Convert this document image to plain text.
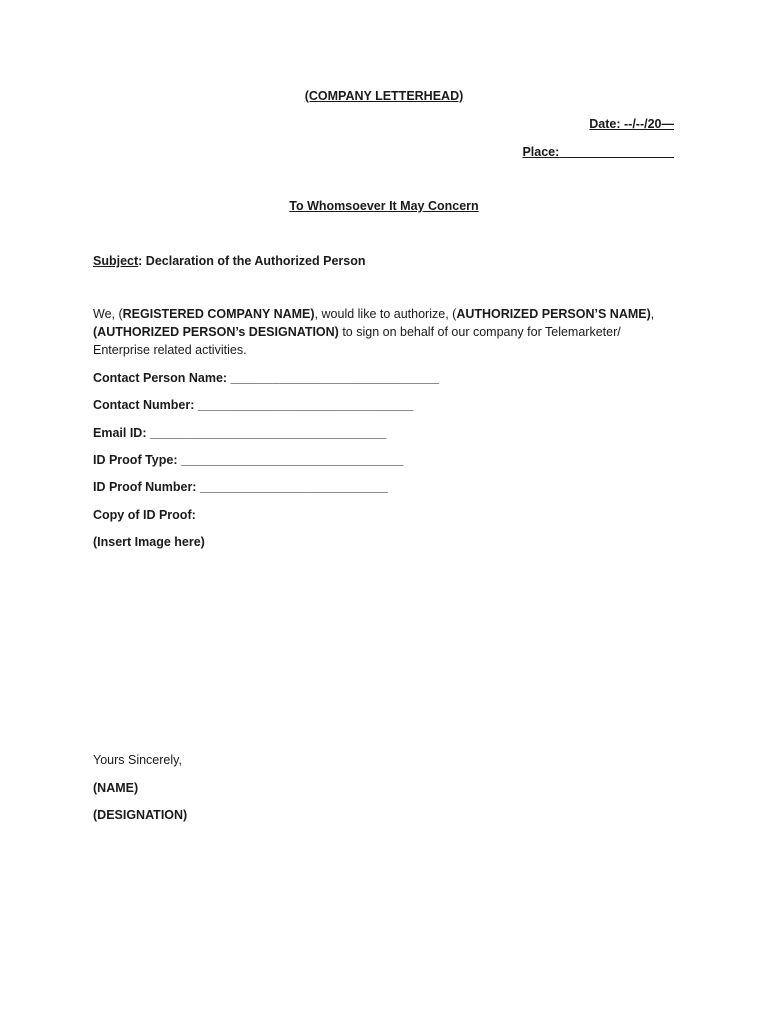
(COMPANY LETTERHEAD)
Date: --/--/20—
Place: ________________
To Whomsoever It May Concern
Subject: Declaration of the Authorized Person
We, (REGISTERED COMPANY NAME), would like to authorize, (AUTHORIZED PERSON’S NAME),
(AUTHORIZED PERSON’s DESIGNATION) to sign on behalf of our company for Telemarketer/
Enterprise related activities.
Contact Person Name: ______________________________
Contact Number: _______________________________
Email ID: __________________________________
ID Proof Type: ________________________________
ID Proof Number: ___________________________
Copy of ID Proof:
(Insert Image here)
Yours Sincerely,
(NAME)
(DESIGNATION)
